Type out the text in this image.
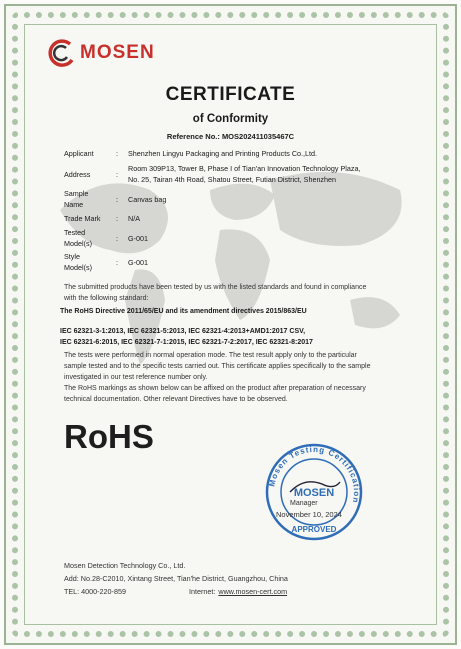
MOSEN
CERTIFICATE
of Conformity
Reference No.: MOS202411035467C
Applicant	:	Shenzhen Lingyu Packaging and Printing Products Co.,Ltd.
Address	:
Room 309P13, Tower B, Phase I of Tian'an Innovation Technology Plaza,
No. 25, Tairan 4th Road, Shatou Street, Futian District, Shenzhen
Sample
Name
:	Canvas bag
Trade Mark	:	N/A
Tested
Model(s)
:	G-001
Style
Model(s)
:	G-001
The submitted products have been tested by us with the listed standards and found in compliance
with the following standard:
The RoHS Directive 2011/65/EU and its amendment directives 2015/863/EU
IEC 62321-3-1:2013, IEC 62321-5:2013, IEC 62321-4:2013+AMD1:2017 CSV,
IEC 62321-6:2015, IEC 62321-7-1:2015, IEC 62321-7-2:2017, IEC 62321-8:2017
The tests were performed in normal operation mode. The test result apply only to the particular
sample tested and to the specific tests carried out. This certificate applies specifically to the sample
investigated in our test reference number only.
The RoHS markings as shown below can be affixed on the product after preparation of necessary
technical documentation. Other relevant Directives have to be observed.
RoHS
Mosen Testing Certification
MOSEN
APPROVED
Manager
November 10, 2024
Mosen Detection Technology Co., Ltd.
Add: No.28-C2010, Xintang Street, Tian'he District, Guangzhou, China
TEL: 4000-220-859	Internet: www.mosen-cert.com
